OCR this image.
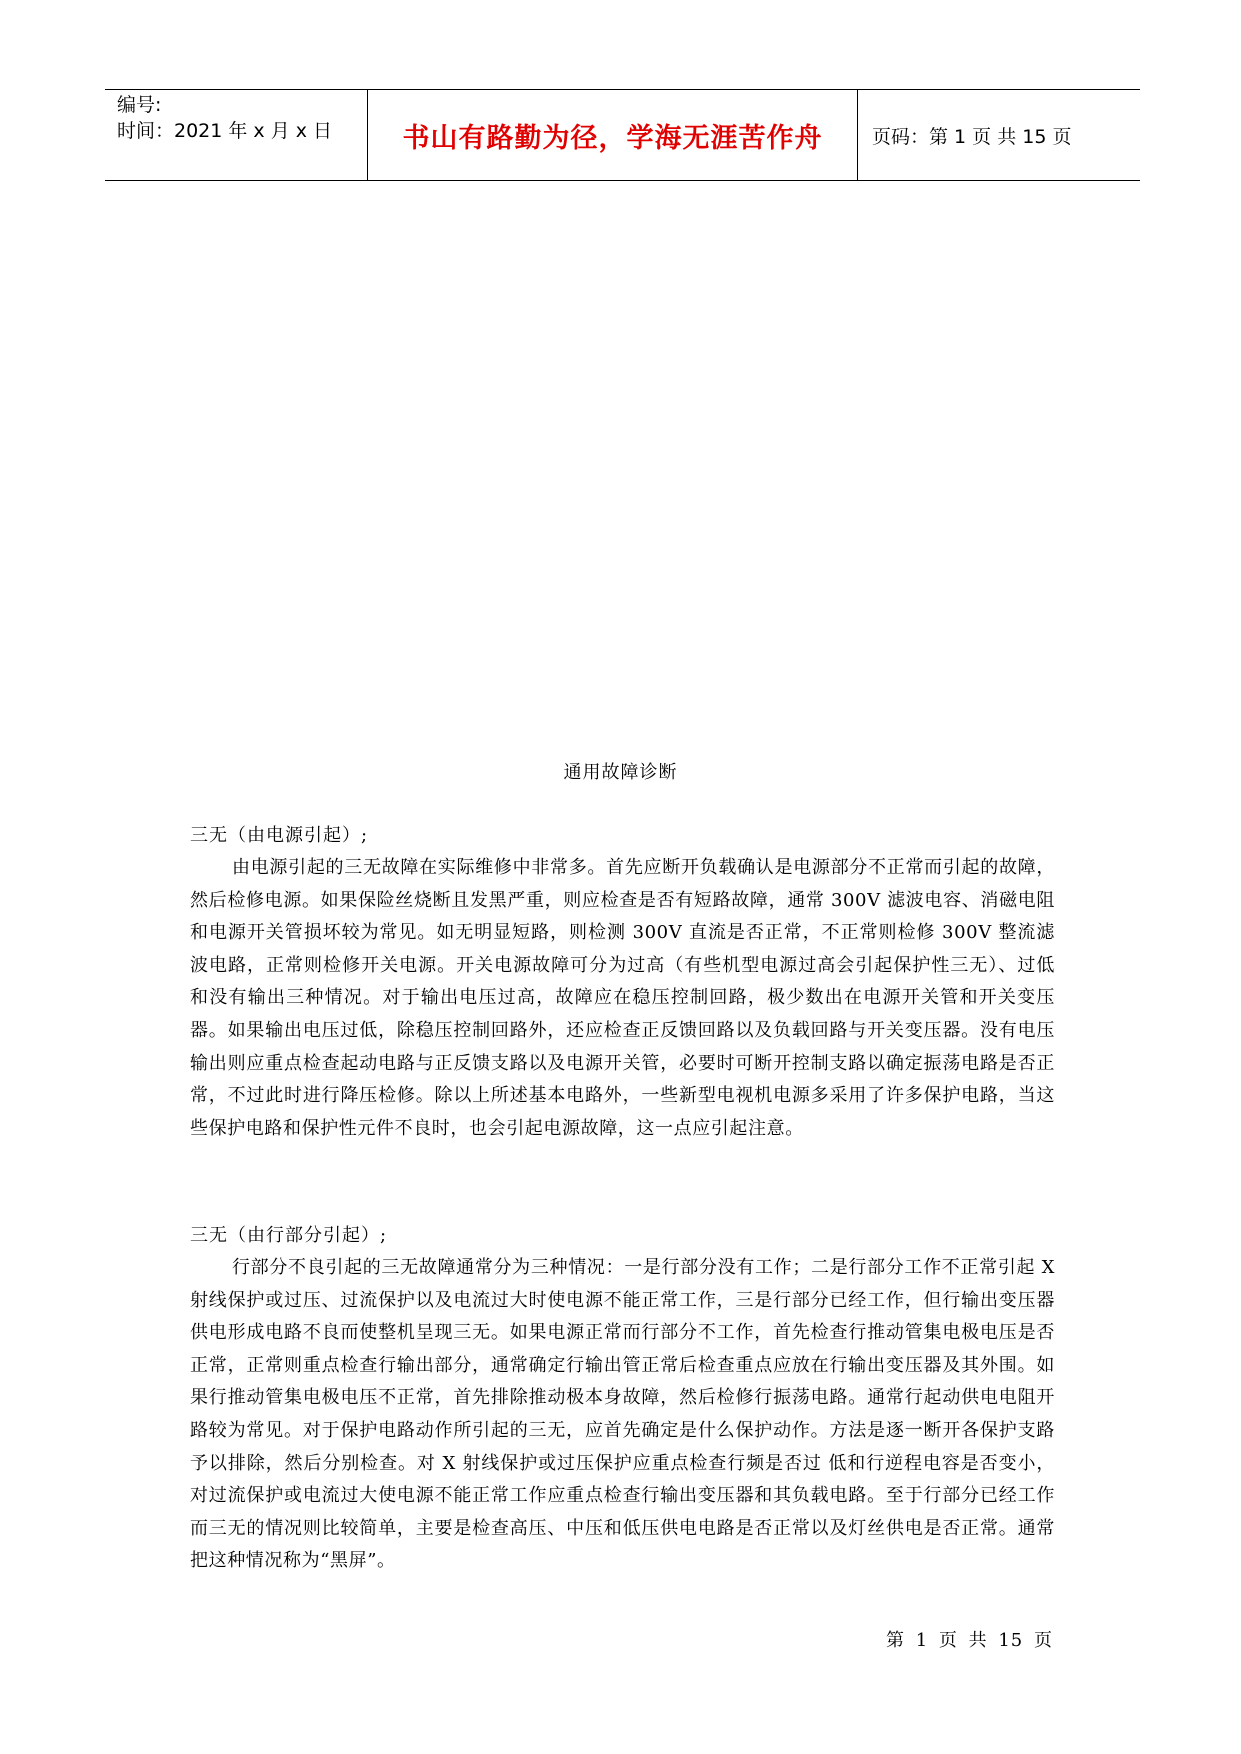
编号:
时间：2021 年 x 月 x 日	书山有路勤为径，学海无涯苦作舟	页码：第 1 页 共 15 页
通用故障诊断
三无（由电源引起）;

由电源引起的三无故障在实际维修中非常多。首先应断开负载确认是电源部分不正常而引起的故障，然后检修电源。如果保险丝烧断且发黑严重，则应检查是否有短路故障，通常 300V 滤波电容、消磁电阻和电源开关管损坏较为常见。如无明显短路，则检测 300V 直流是否正常，不正常则检修 300V 整流滤波电路，正常则检修开关电源。开关电源故障可分为过高（有些机型电源过高会引起保护性三无）、过低和没有输出三种情况。对于输出电压过高，故障应在稳压控制回路，极少数出在电源开关管和开关变压器。如果输出电压过低，除稳压控制回路外，还应检查正反馈回路以及负载回路与开关变压器。没有电压输出则应重点检查起动电路与正反馈支路以及电源开关管，必要时可断开控制支路以确定振荡电路是否正常，不过此时进行降压检修。除以上所述基本电路外，一些新型电视机电源多采用了许多保护电路，当这些保护电路和保护性元件不良时，也会引起电源故障，这一点应引起注意。

三无（由行部分引起）;

行部分不良引起的三无故障通常分为三种情况：一是行部分没有工作；二是行部分工作不正常引起 X 射线保护或过压、过流保护以及电流过大时使电源不能正常工作，三是行部分已经工作，但行输出变压器供电形成电路不良而使整机呈现三无。如果电源正常而行部分不工作，首先检查行推动管集电极电压是否正常，正常则重点检查行输出部分，通常确定行输出管正常后检查重点应放在行输出变压器及其外围。如果行推动管集电极电压不正常，首先排除推动极本身故障，然后检修行振荡电路。通常行起动供电电阻开路较为常见。对于保护电路动作所引起的三无，应首先确定是什么保护动作。方法是逐一断开各保护支路予以排除，然后分别检查。对 X 射线保护或过压保护应重点检查行频是否过 低和行逆程电容是否变小，对过流保护或电流过大使电源不能正常工作应重点检查行输出变压器和其负载电路。至于行部分已经工作而三无的情况则比较简单，主要是检查高压、中压和低压供电电路是否正常以及灯丝供电是否正常。通常把这种情况称为“黑屏”。

第 1 页 共 15 页
